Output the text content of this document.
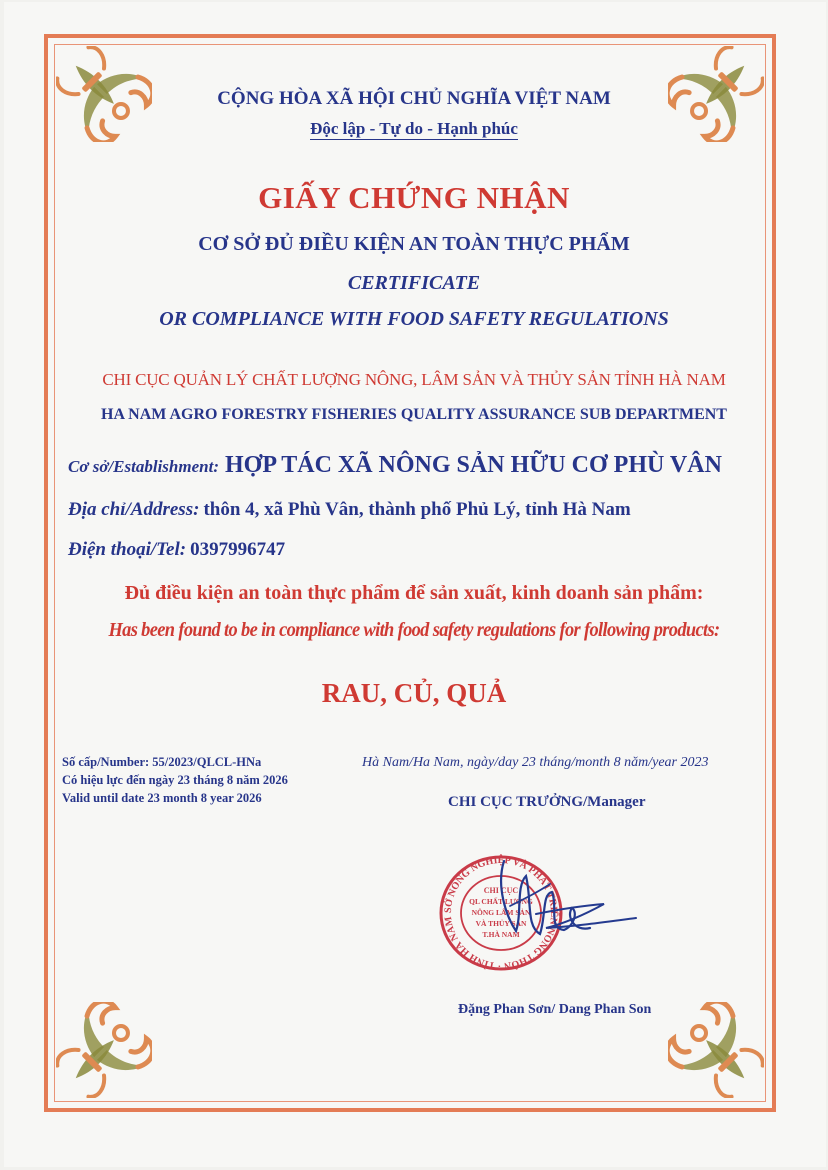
CỘNG HÒA XÃ HỘI CHỦ NGHĨA VIỆT NAM
Độc lập - Tự do - Hạnh phúc
GIẤY CHỨNG NHẬN
CƠ SỞ ĐỦ ĐIỀU KIỆN AN TOÀN THỰC PHẨM
CERTIFICATE
OR COMPLIANCE WITH FOOD SAFETY REGULATIONS
CHI CỤC QUẢN LÝ CHẤT LƯỢNG NÔNG, LÂM SẢN VÀ THỦY SẢN TỈNH HÀ NAM
HA NAM AGRO FORESTRY FISHERIES QUALITY ASSURANCE SUB DEPARTMENT
Cơ sở/Establishment: HỢP TÁC XÃ NÔNG SẢN HỮU CƠ PHÙ VÂN
Địa chỉ/Address: thôn 4, xã Phù Vân, thành phố Phủ Lý, tỉnh Hà Nam
Điện thoại/Tel: 0397996747
Đủ điều kiện an toàn thực phẩm để sản xuất, kinh doanh sản phẩm:
Has been found to be in compliance with food safety regulations for following products:
RAU, CỦ, QUẢ
Số cấp/Number: 55/2023/QLCL-HNa
Có hiệu lực đến ngày 23 tháng 8 năm 2026
Valid until date 23 month 8 year 2026
Hà Nam/Ha Nam, ngày/day 23 tháng/month 8 năm/year 2023
CHI CỤC TRƯỞNG/Manager
SỞ NÔNG NGHIỆP VÀ PHÁT TRIỂN NÔNG THÔN · TỈNH HÀ NAM
CHI CỤC
QL CHẤT LƯỢNG
NÔNG LÂM SẢN
VÀ THỦY SẢN
T.HÀ NAM
Đặng Phan Sơn/ Dang Phan Son
